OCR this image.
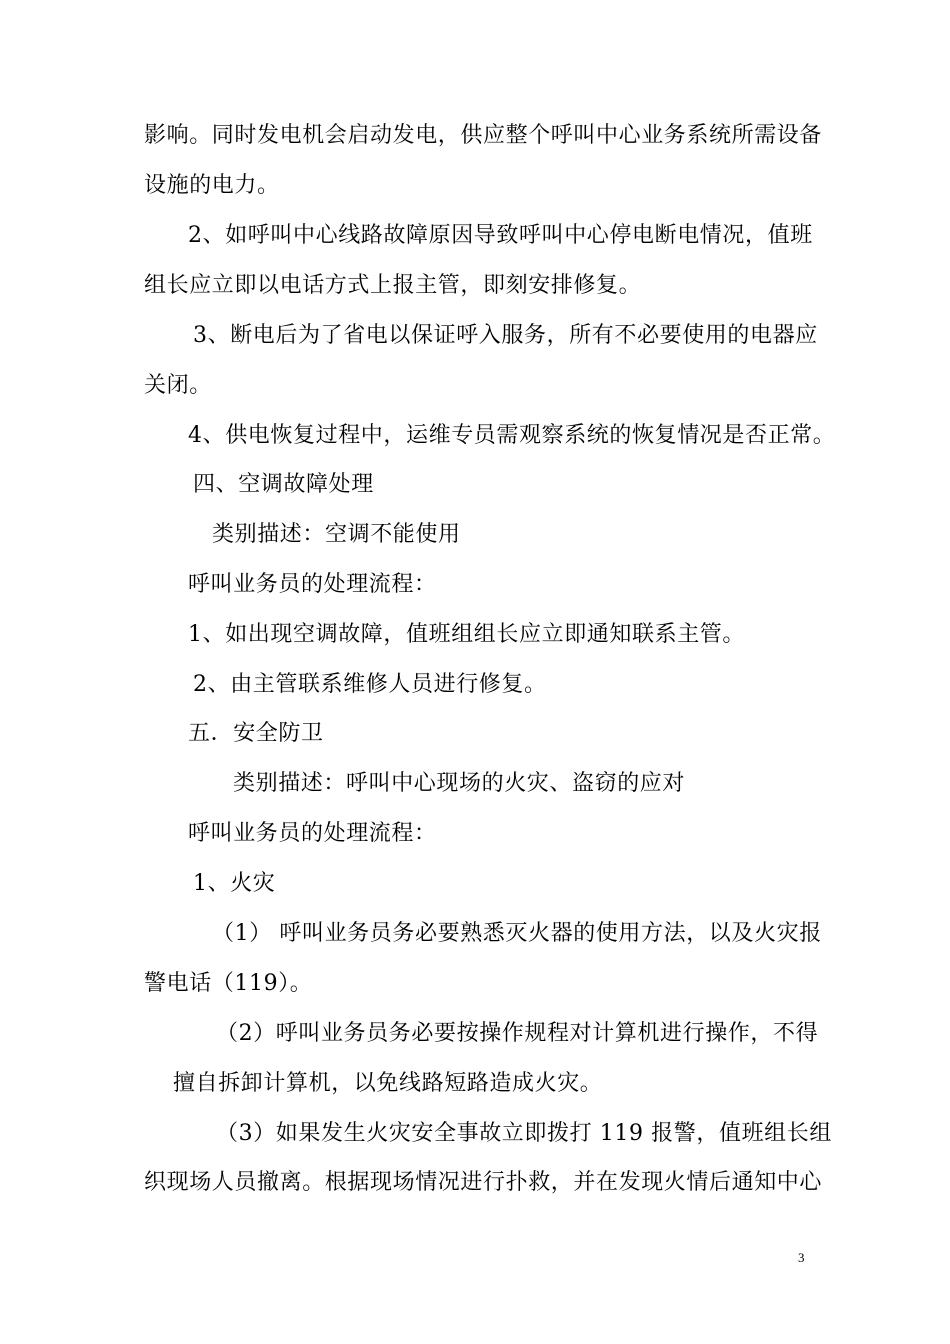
影响。同时发电机会启动发电，供应整个呼叫中心业务系统所需设备
设施的电力。
2、如呼叫中心线路故障原因导致呼叫中心停电断电情况，值班
组长应立即以电话方式上报主管，即刻安排修复。
3、断电后为了省电以保证呼入服务，所有不必要使用的电器应
关闭。
4、供电恢复过程中，运维专员需观察系统的恢复情况是否正常。
四、空调故障处理
类别描述：空调不能使用
呼叫业务员的处理流程：
1、如出现空调故障，值班组组长应立即通知联系主管。
2、由主管联系维修人员进行修复。
五．安全防卫
类别描述：呼叫中心现场的火灾、盗窃的应对
呼叫业务员的处理流程：
1、火灾
（1） 呼叫业务员务必要熟悉灭火器的使用方法，以及火灾报
警电话（119）。
（2）呼叫业务员务必要按操作规程对计算机进行操作，不得
擅自拆卸计算机，以免线路短路造成火灾。
（3）如果发生火灾安全事故立即拨打 119 报警，值班组长组
织现场人员撤离。根据现场情况进行扑救，并在发现火情后通知中心
3
